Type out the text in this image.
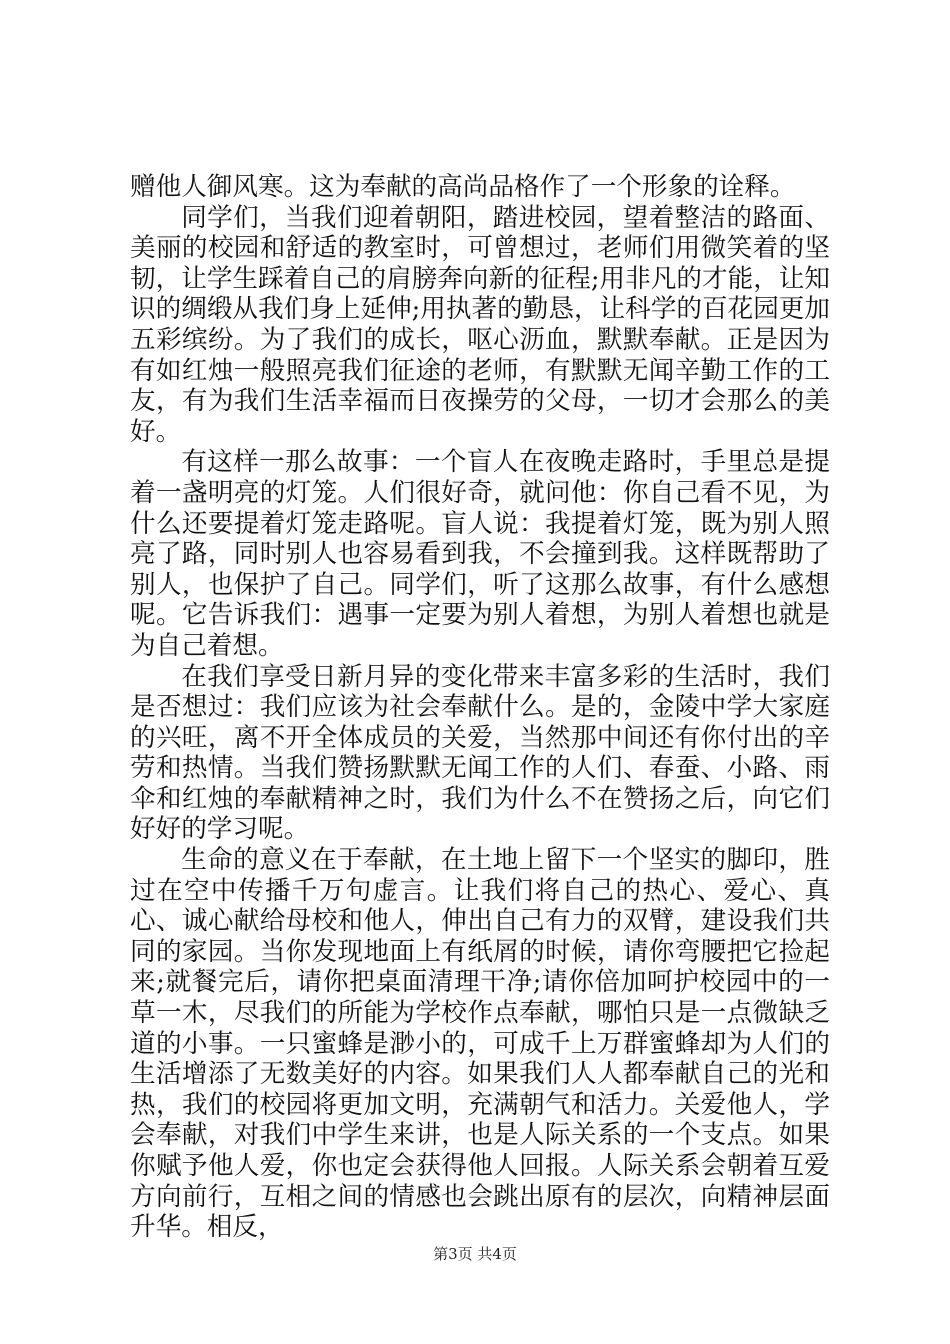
赠他人御风寒。这为奉献的高尚品格作了一个形象的诠释。

同学们，当我们迎着朝阳，踏进校园，望着整洁的路面、美丽的校园和舒适的教室时，可曾想过，老师们用微笑着的坚韧，让学生踩着自己的肩膀奔向新的征程;用非凡的才能，让知识的绸缎从我们身上延伸;用执著的勤恳，让科学的百花园更加五彩缤纷。为了我们的成长，呕心沥血，默默奉献。正是因为有如红烛一般照亮我们征途的老师，有默默无闻辛勤工作的工友，有为我们生活幸福而日夜操劳的父母，一切才会那么的美好。

有这样一那么故事：一个盲人在夜晚走路时，手里总是提着一盏明亮的灯笼。人们很好奇，就问他：你自己看不见，为什么还要提着灯笼走路呢。盲人说：我提着灯笼，既为别人照亮了路，同时别人也容易看到我，不会撞到我。这样既帮助了别人，也保护了自己。同学们，听了这那么故事，有什么感想呢。它告诉我们：遇事一定要为别人着想，为别人着想也就是为自己着想。

在我们享受日新月异的变化带来丰富多彩的生活时，我们是否想过：我们应该为社会奉献什么。是的，金陵中学大家庭的兴旺，离不开全体成员的关爱，当然那中间还有你付出的辛劳和热情。当我们赞扬默默无闻工作的人们、春蚕、小路、雨伞和红烛的奉献精神之时，我们为什么不在赞扬之后，向它们好好的学习呢。

生命的意义在于奉献，在土地上留下一个坚实的脚印，胜过在空中传播千万句虚言。让我们将自己的热心、爱心、真心、诚心献给母校和他人，伸出自己有力的双臂，建设我们共同的家园。当你发现地面上有纸屑的时候，请你弯腰把它捡起来;就餐完后，请你把桌面清理干净;请你倍加呵护校园中的一草一木，尽我们的所能为学校作点奉献，哪怕只是一点微缺乏道的小事。一只蜜蜂是渺小的，可成千上万群蜜蜂却为人们的生活增添了无数美好的内容。如果我们人人都奉献自己的光和热，我们的校园将更加文明，充满朝气和活力。关爱他人，学会奉献，对我们中学生来讲，也是人际关系的一个支点。如果你赋予他人爱，你也定会获得他人回报。人际关系会朝着互爱方向前行，互相之间的情感也会跳出原有的层次，向精神层面升华。相反，

第3页 共4页
